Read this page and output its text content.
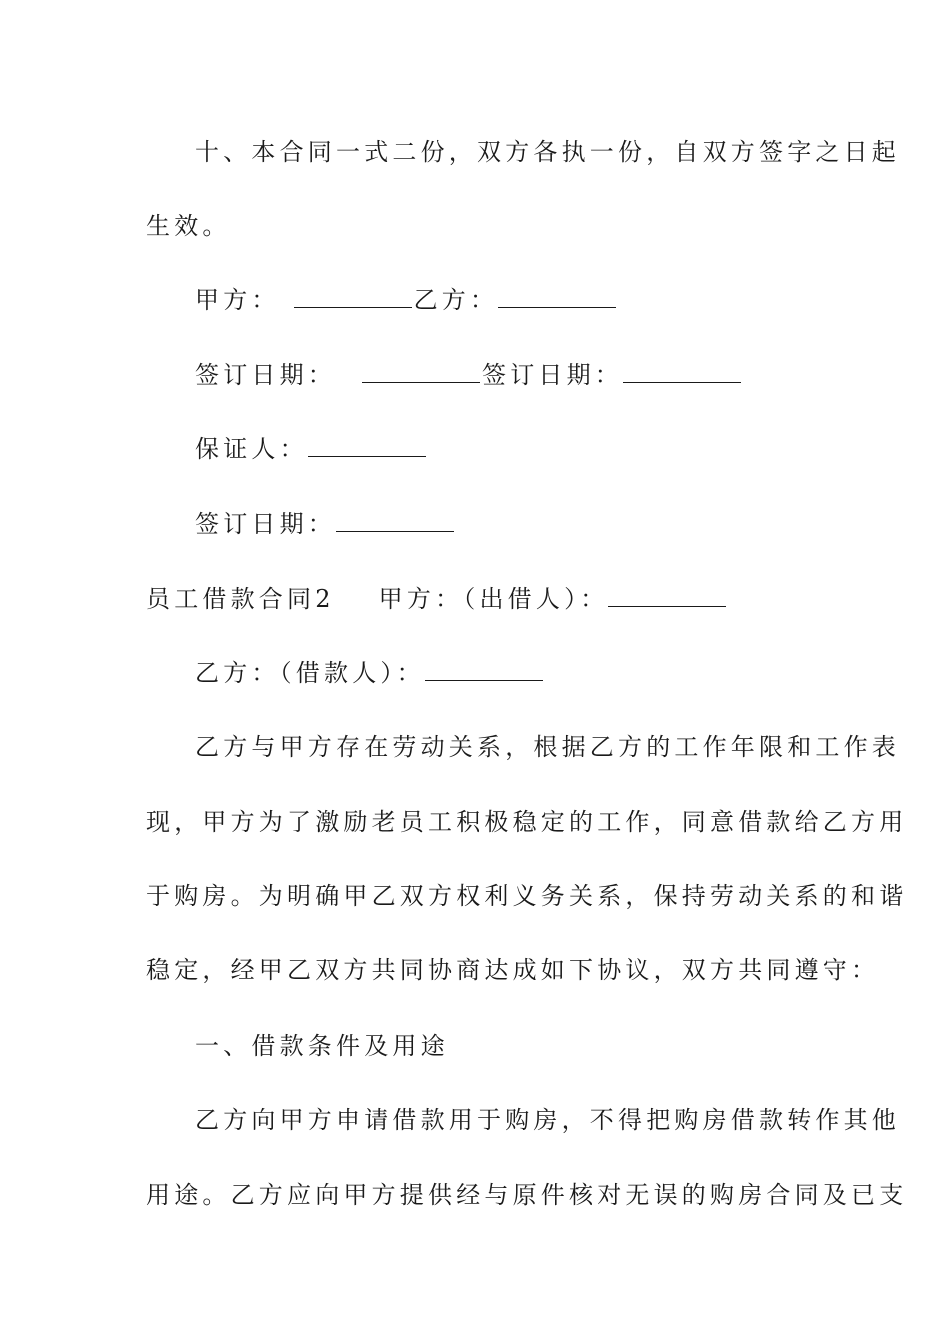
十、本合同一式二份，双方各执一份，自双方签字之日起
生效。
甲方：	乙方：
签订日期：	签订日期：
保证人：
签订日期：
员工借款合同2 甲方：（出借人）：
乙方：（借款人）：
乙方与甲方存在劳动关系，根据乙方的工作年限和工作表
现，甲方为了激励老员工积极稳定的工作，同意借款给乙方用
于购房。为明确甲乙双方权利义务关系，保持劳动关系的和谐
稳定，经甲乙双方共同协商达成如下协议，双方共同遵守：
一、借款条件及用途
乙方向甲方申请借款用于购房，不得把购房借款转作其他
用途。乙方应向甲方提供经与原件核对无误的购房合同及已支
